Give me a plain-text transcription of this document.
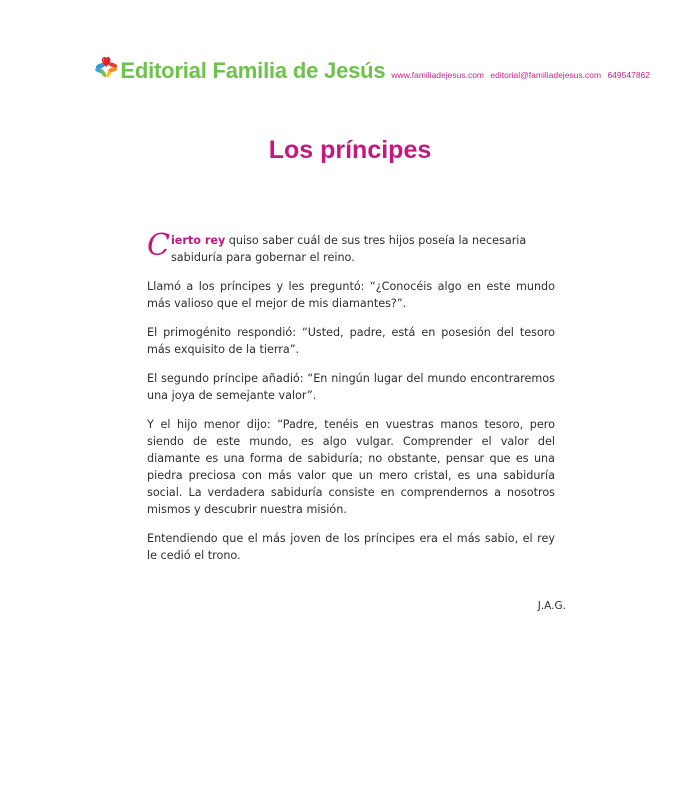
Editorial Familia de Jesús www.familiadejesus.com editorial@familiadejesus.com 649547862
Los príncipes

Cierto rey quiso saber cuál de sus tres hijos poseía la necesaria sabiduría para gobernar el reino.

Llamó a los príncipes y les preguntó: “¿Conocéis algo en este mundo más valioso que el mejor de mis diamantes?”.

El primogénito respondió: “Usted, padre, está en posesión del tesoro más exquisito de la tierra”.

El segundo príncipe añadió: “En ningún lugar del mundo encontraremos una joya de semejante valor”.

Y el hijo menor dijo: “Padre, tenéis en vuestras manos tesoro, pero siendo de este mundo, es algo vulgar. Comprender el valor del diamante es una forma de sabiduría; no obstante, pensar que es una piedra preciosa con más valor que un mero cristal, es una sabiduría social. La verdadera sabiduría consiste en comprendernos a nosotros mismos y descubrir nuestra misión.

Entendiendo que el más joven de los príncipes era el más sabio, el rey le cedió el trono.

J.A.G.
